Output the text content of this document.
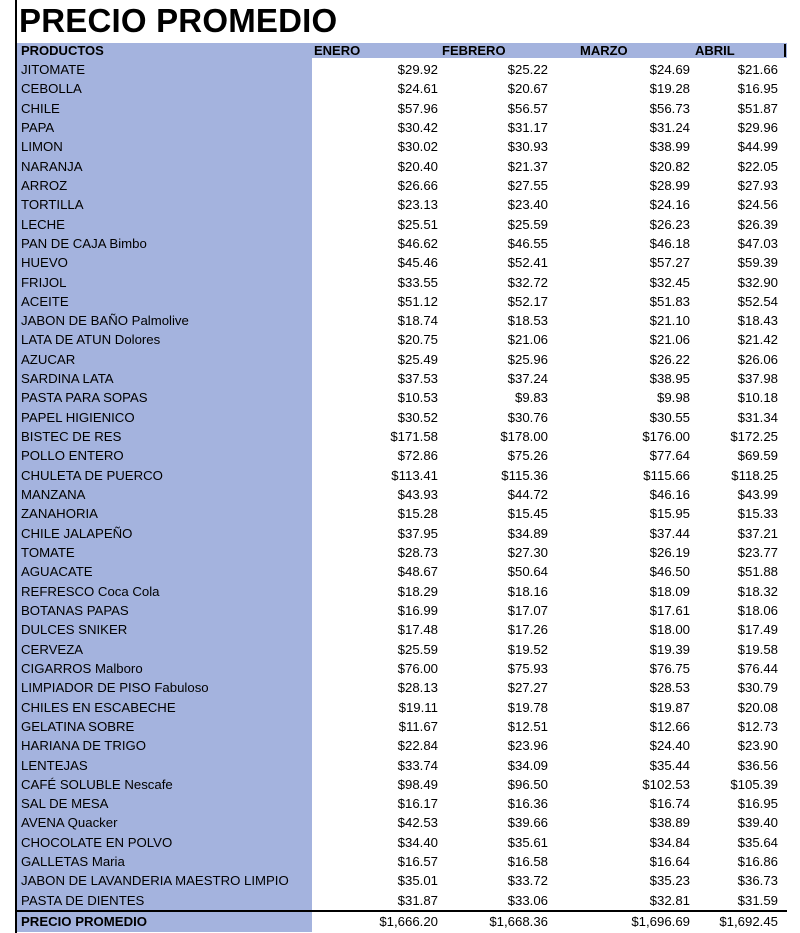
PRECIO PROMEDIO
PRODUCTOS	ENERO	FEBRERO	MARZO	ABRIL
JITOMATE	$29.92	$25.22	$24.69	$21.66
CEBOLLA	$24.61	$20.67	$19.28	$16.95
CHILE	$57.96	$56.57	$56.73	$51.87
PAPA	$30.42	$31.17	$31.24	$29.96
LIMON	$30.02	$30.93	$38.99	$44.99
NARANJA	$20.40	$21.37	$20.82	$22.05
ARROZ	$26.66	$27.55	$28.99	$27.93
TORTILLA	$23.13	$23.40	$24.16	$24.56
LECHE	$25.51	$25.59	$26.23	$26.39
PAN DE CAJA Bimbo	$46.62	$46.55	$46.18	$47.03
HUEVO	$45.46	$52.41	$57.27	$59.39
FRIJOL	$33.55	$32.72	$32.45	$32.90
ACEITE	$51.12	$52.17	$51.83	$52.54
JABON DE BAÑO Palmolive	$18.74	$18.53	$21.10	$18.43
LATA DE ATUN Dolores	$20.75	$21.06	$21.06	$21.42
AZUCAR	$25.49	$25.96	$26.22	$26.06
SARDINA LATA	$37.53	$37.24	$38.95	$37.98
PASTA PARA SOPAS	$10.53	$9.83	$9.98	$10.18
PAPEL HIGIENICO	$30.52	$30.76	$30.55	$31.34
BISTEC DE RES	$171.58	$178.00	$176.00	$172.25
POLLO ENTERO	$72.86	$75.26	$77.64	$69.59
CHULETA DE PUERCO	$113.41	$115.36	$115.66	$118.25
MANZANA	$43.93	$44.72	$46.16	$43.99
ZANAHORIA	$15.28	$15.45	$15.95	$15.33
CHILE JALAPEÑO	$37.95	$34.89	$37.44	$37.21
TOMATE	$28.73	$27.30	$26.19	$23.77
AGUACATE	$48.67	$50.64	$46.50	$51.88
REFRESCO Coca Cola	$18.29	$18.16	$18.09	$18.32
BOTANAS PAPAS	$16.99	$17.07	$17.61	$18.06
DULCES SNIKER	$17.48	$17.26	$18.00	$17.49
CERVEZA	$25.59	$19.52	$19.39	$19.58
CIGARROS Malboro	$76.00	$75.93	$76.75	$76.44
LIMPIADOR DE PISO Fabuloso	$28.13	$27.27	$28.53	$30.79
CHILES EN ESCABECHE	$19.11	$19.78	$19.87	$20.08
GELATINA SOBRE	$11.67	$12.51	$12.66	$12.73
HARIANA DE TRIGO	$22.84	$23.96	$24.40	$23.90
LENTEJAS	$33.74	$34.09	$35.44	$36.56
CAFÉ SOLUBLE Nescafe	$98.49	$96.50	$102.53	$105.39
SAL DE MESA	$16.17	$16.36	$16.74	$16.95
AVENA Quacker	$42.53	$39.66	$38.89	$39.40
CHOCOLATE EN POLVO	$34.40	$35.61	$34.84	$35.64
GALLETAS Maria	$16.57	$16.58	$16.64	$16.86
JABON DE LAVANDERIA MAESTRO LIMPIO	$35.01	$33.72	$35.23	$36.73
PASTA DE DIENTES	$31.87	$33.06	$32.81	$31.59
PRECIO PROMEDIO	$1,666.20	$1,668.36	$1,696.69 $1,692.45
